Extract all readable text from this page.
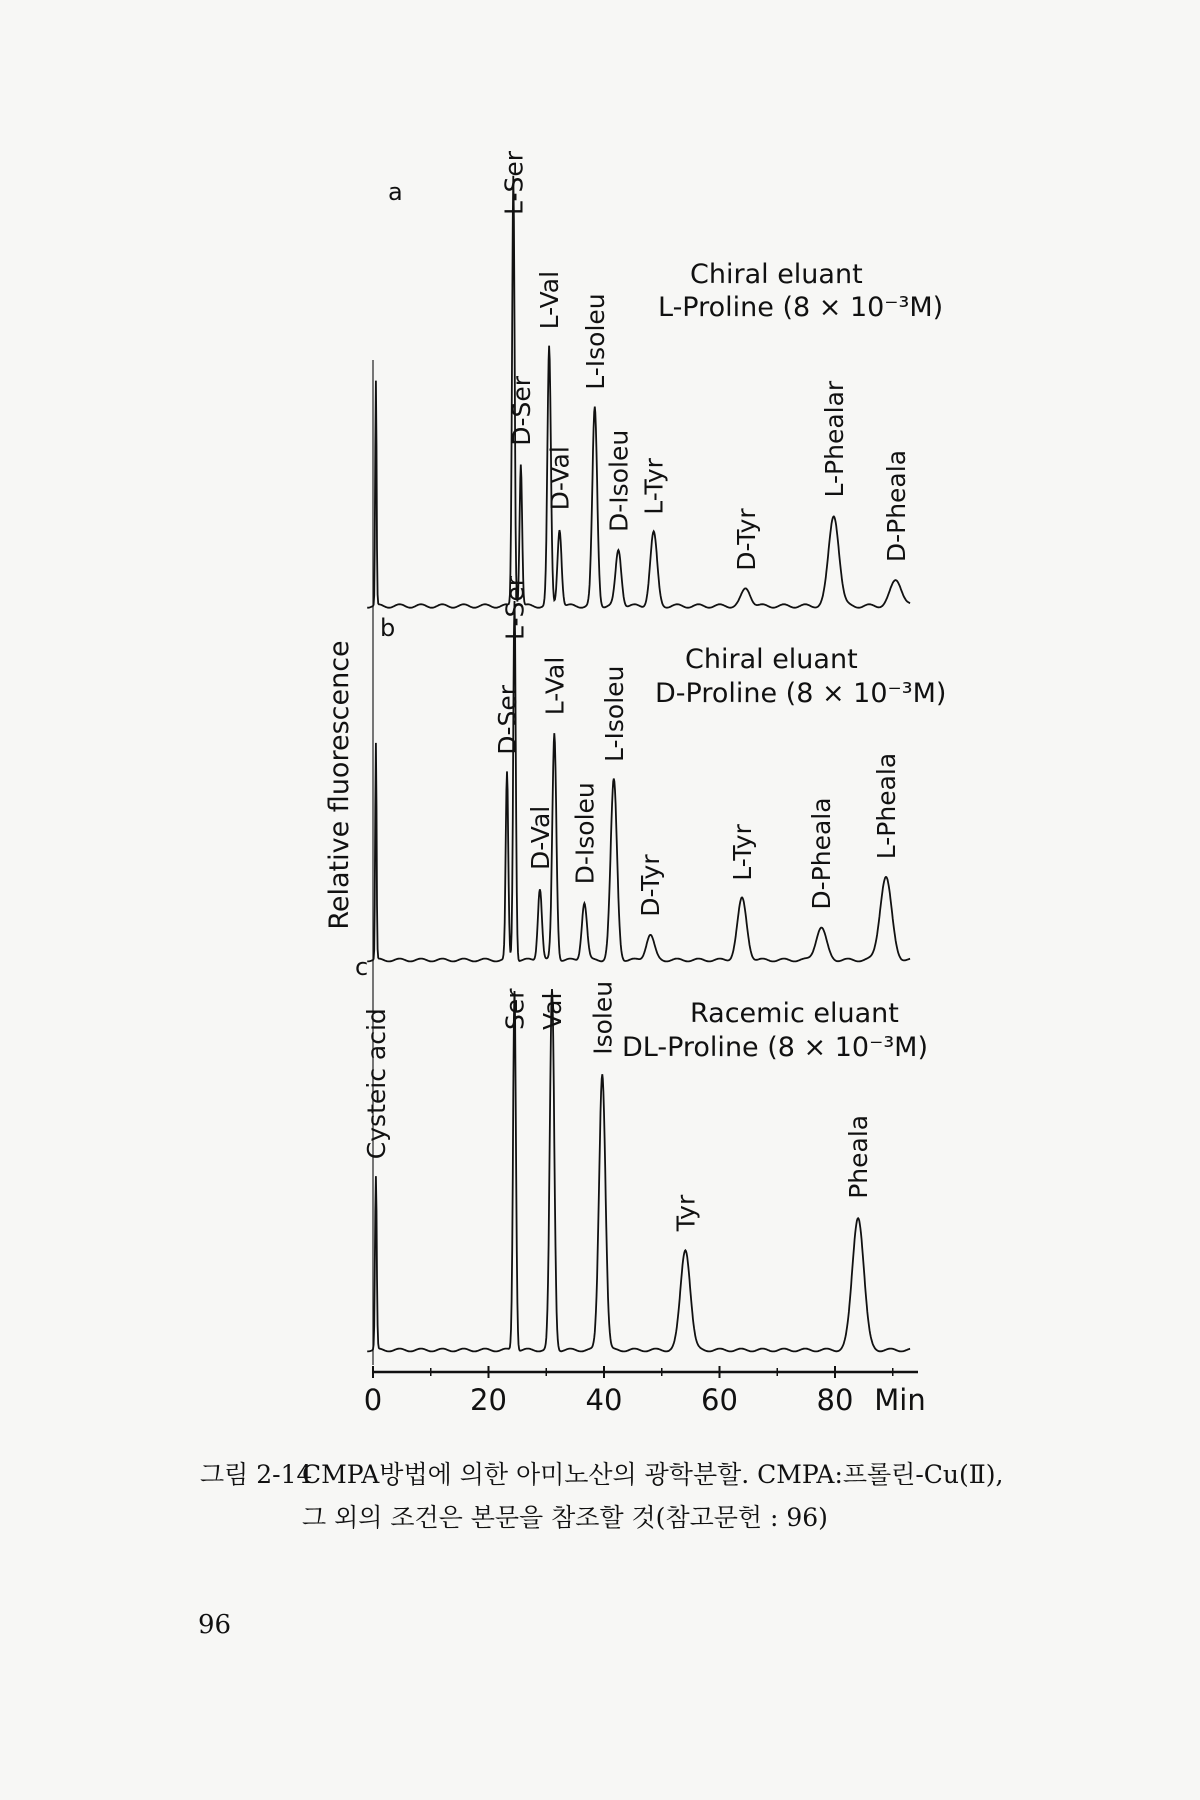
Relative fluorescence
a
Chiral eluant
L-Proline (8 × 10⁻³M)
L-Ser
D-Ser
L-Val
D-Val
L-Isoleu
D-Isoleu L-Tyr
D-Tyr
L-Phealar
D-Pheala
b
Chiral eluant
D-Proline (8 × 10⁻³M)
D-Ser
L-Ser
D-Val
L-Val
D-Isoleu
L-Isoleu
D-Tyr
L-Tyr D-Pheala L-Pheala
c
Racemic eluant
DL-Proline (8 × 10⁻³M)
Cysteic acid	Ser Val Isoleu
Tyr
Pheala
0	20	40	60	80 Min
그림 2-14
CMPA방법에 의한 아미노산의 광학분할. CMPA:프롤린-Cu(Ⅱ),
그 외의 조건은 본문을 참조할 것(참고문헌 : 96)
96
